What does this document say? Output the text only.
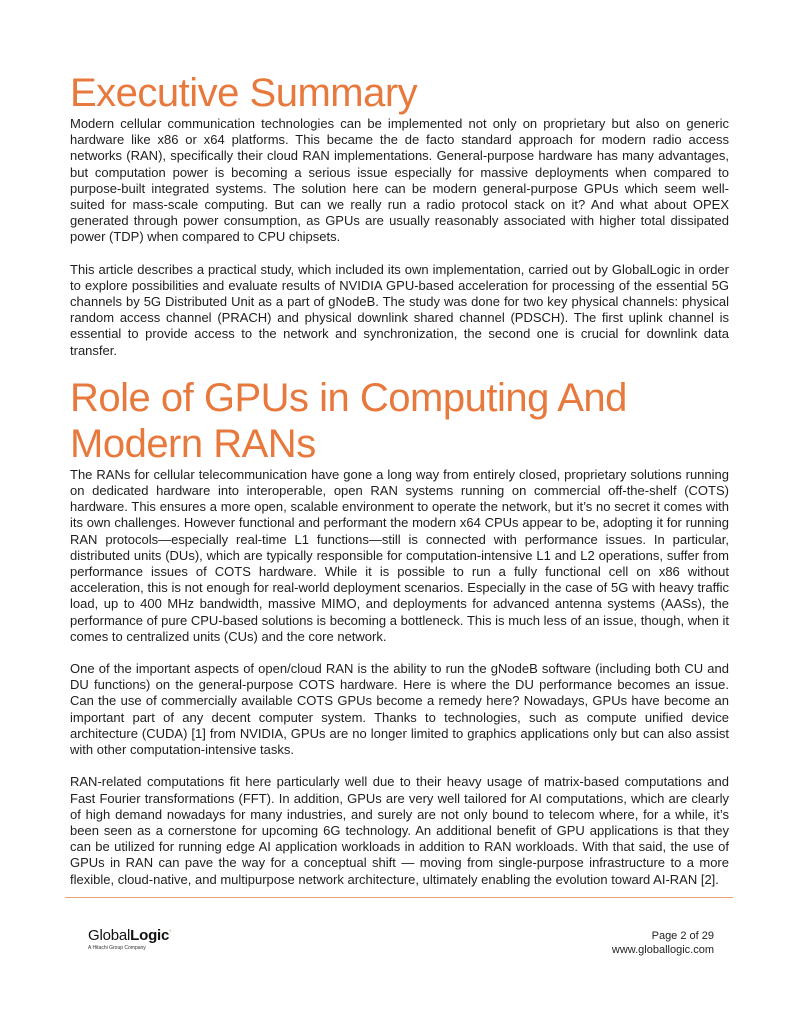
Executive Summary

Modern cellular communication technologies can be implemented not only on proprietary but also on generic hardware like x86 or x64 platforms. This became the de facto standard approach for modern radio access networks (RAN), specifically their cloud RAN implementations. General-purpose hardware has many advantages, but computation power is becoming a serious issue especially for massive deployments when compared to purpose-built integrated systems. The solution here can be modern general-purpose GPUs which seem well-suited for mass-scale computing. But can we really run a radio protocol stack on it? And what about OPEX generated through power consumption, as GPUs are usually reasonably associated with higher total dissipated power (TDP) when compared to CPU chipsets.

This article describes a practical study, which included its own implementation, carried out by GlobalLogic in order to explore possibilities and evaluate results of NVIDIA GPU-based acceleration for processing of the essential 5G channels by 5G Distributed Unit as a part of gNodeB. The study was done for two key physical channels: physical random access channel (PRACH) and physical downlink shared channel (PDSCH). The first uplink channel is essential to provide access to the network and synchronization, the second one is crucial for downlink data transfer.

Role of GPUs in Computing And Modern RANs

The RANs for cellular telecommunication have gone a long way from entirely closed, proprietary solutions running on dedicated hardware into interoperable, open RAN systems running on commercial off-the-shelf (COTS) hardware. This ensures a more open, scalable environment to operate the network, but it’s no secret it comes with its own challenges. However functional and performant the modern x64 CPUs appear to be, adopting it for running RAN protocols—especially real-time L1 functions—still is connected with performance issues. In particular, distributed units (DUs), which are typically responsible for computation-intensive L1 and L2 operations, suffer from performance issues of COTS hardware. While it is possible to run a fully functional cell on x86 without acceleration, this is not enough for real-world deployment scenarios. Especially in the case of 5G with heavy traffic load, up to 400 MHz bandwidth, massive MIMO, and deployments for advanced antenna systems (AASs), the performance of pure CPU-based solutions is becoming a bottleneck. This is much less of an issue, though, when it comes to centralized units (CUs) and the core network.

One of the important aspects of open/cloud RAN is the ability to run the gNodeB software (including both CU and DU functions) on the general-purpose COTS hardware. Here is where the DU performance becomes an issue. Can the use of commercially available COTS GPUs become a remedy here? Nowadays, GPUs have become an important part of any decent computer system. Thanks to technologies, such as compute unified device architecture (CUDA) [1] from NVIDIA, GPUs are no longer limited to graphics applications only but can also assist with other computation-intensive tasks.

RAN-related computations fit here particularly well due to their heavy usage of matrix-based computations and Fast Fourier transformations (FFT). In addition, GPUs are very well tailored for AI computations, which are clearly of high demand nowadays for many industries, and surely are not only bound to telecom where, for a while, it’s been seen as a cornerstone for upcoming 6G technology. An additional benefit of GPU applications is that they can be utilized for running edge AI application workloads in addition to RAN workloads. With that said, the use of GPUs in RAN can pave the way for a conceptual shift — moving from single-purpose infrastructure to a more flexible, cloud-native, and multipurpose network architecture, ultimately enabling the evolution toward AI-RAN [2].

GlobalLogic°
A Hitachi Group Company
Page 2 of 29
www.globallogic.com
